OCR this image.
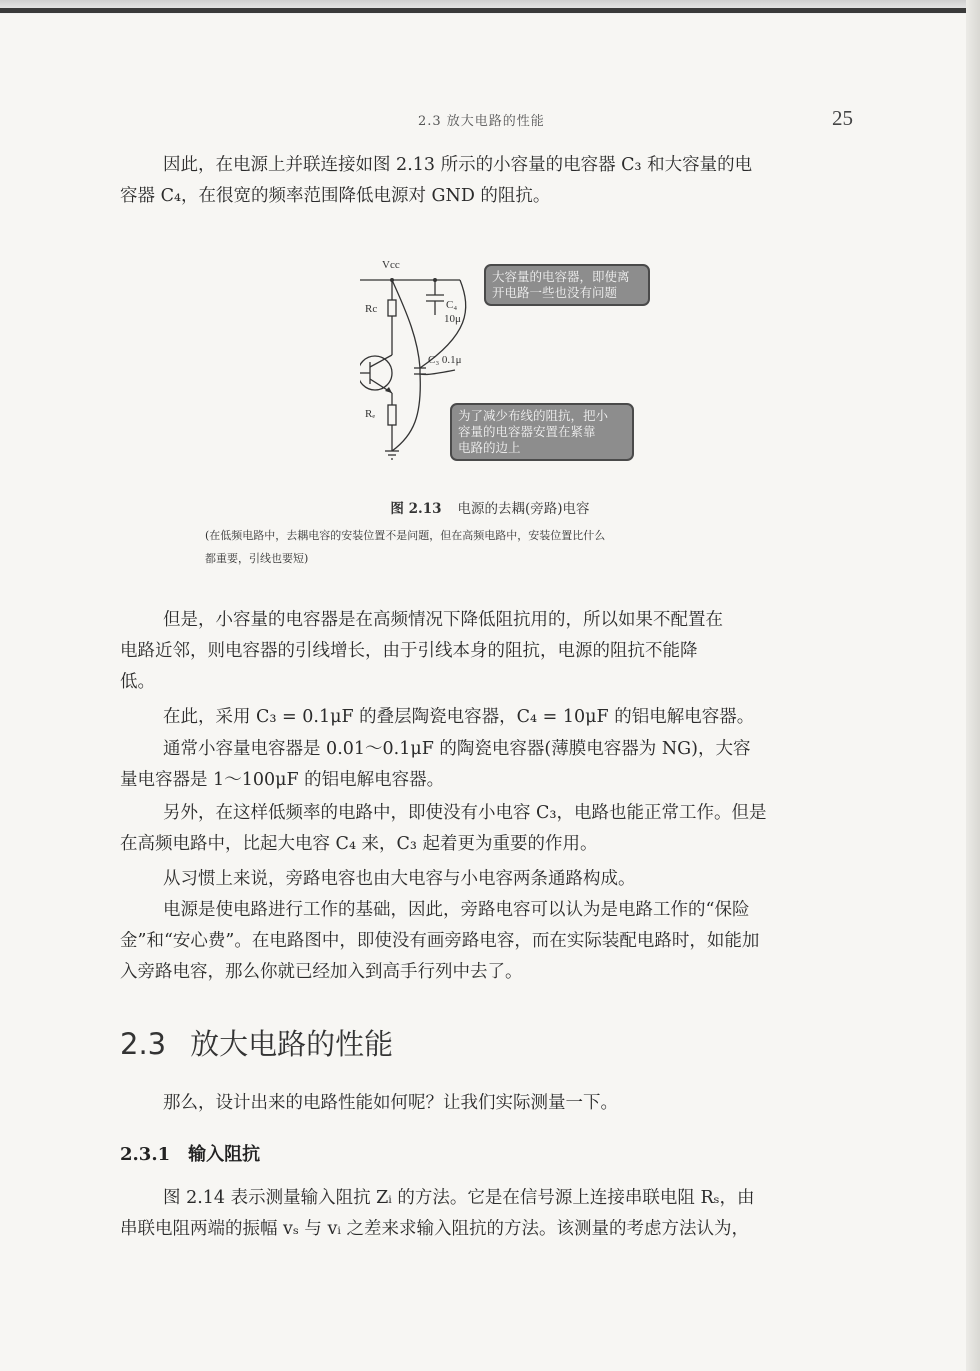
2.3 放大电路的性能	25

因此，在电源上并联连接如图 2.13 所示的小容量的电容器 C₃ 和大容量的电
容器 C₄，在很宽的频率范围降低电源对 GND 的阻抗。

Vcc
Rc
Rₑ
C₄
10μ
C₃ 0.1μ
大容量的电容器，即使离
开电路一些也没有问题
为了减少布线的阻抗，把小
容量的电容器安置在紧靠
电路的边上
图 2.13 电源的去耦(旁路)电容

(在低频电路中，去耦电容的安装位置不是问题，但在高频电路中，安装位置比什么
都重要，引线也要短)

但是，小容量的电容器是在高频情况下降低阻抗用的，所以如果不配置在
电路近邻，则电容器的引线增长，由于引线本身的阻抗，电源的阻抗不能降
低。

在此，采用 C₃ = 0.1μF 的叠层陶瓷电容器，C₄ = 10μF 的铝电解电容器。

通常小容量电容器是 0.01～0.1μF 的陶瓷电容器(薄膜电容器为 NG)，大容
量电容器是 1～100μF 的铝电解电容器。

另外，在这样低频率的电路中，即使没有小电容 C₃，电路也能正常工作。但是
在高频电路中，比起大电容 C₄ 来，C₃ 起着更为重要的作用。

从习惯上来说，旁路电容也由大电容与小电容两条通路构成。

电源是使电路进行工作的基础，因此，旁路电容可以认为是电路工作的“保险
金”和“安心费”。在电路图中，即使没有画旁路电容，而在实际装配电路时，如能加
入旁路电容，那么你就已经加入到高手行列中去了。

2.3 放大电路的性能

那么，设计出来的电路性能如何呢？让我们实际测量一下。

2.3.1 输入阻抗

图 2.14 表示测量输入阻抗 Zᵢ 的方法。它是在信号源上连接串联电阻 Rₛ，由
串联电阻两端的振幅 vₛ 与 vᵢ 之差来求输入阻抗的方法。该测量的考虑方法认为，
